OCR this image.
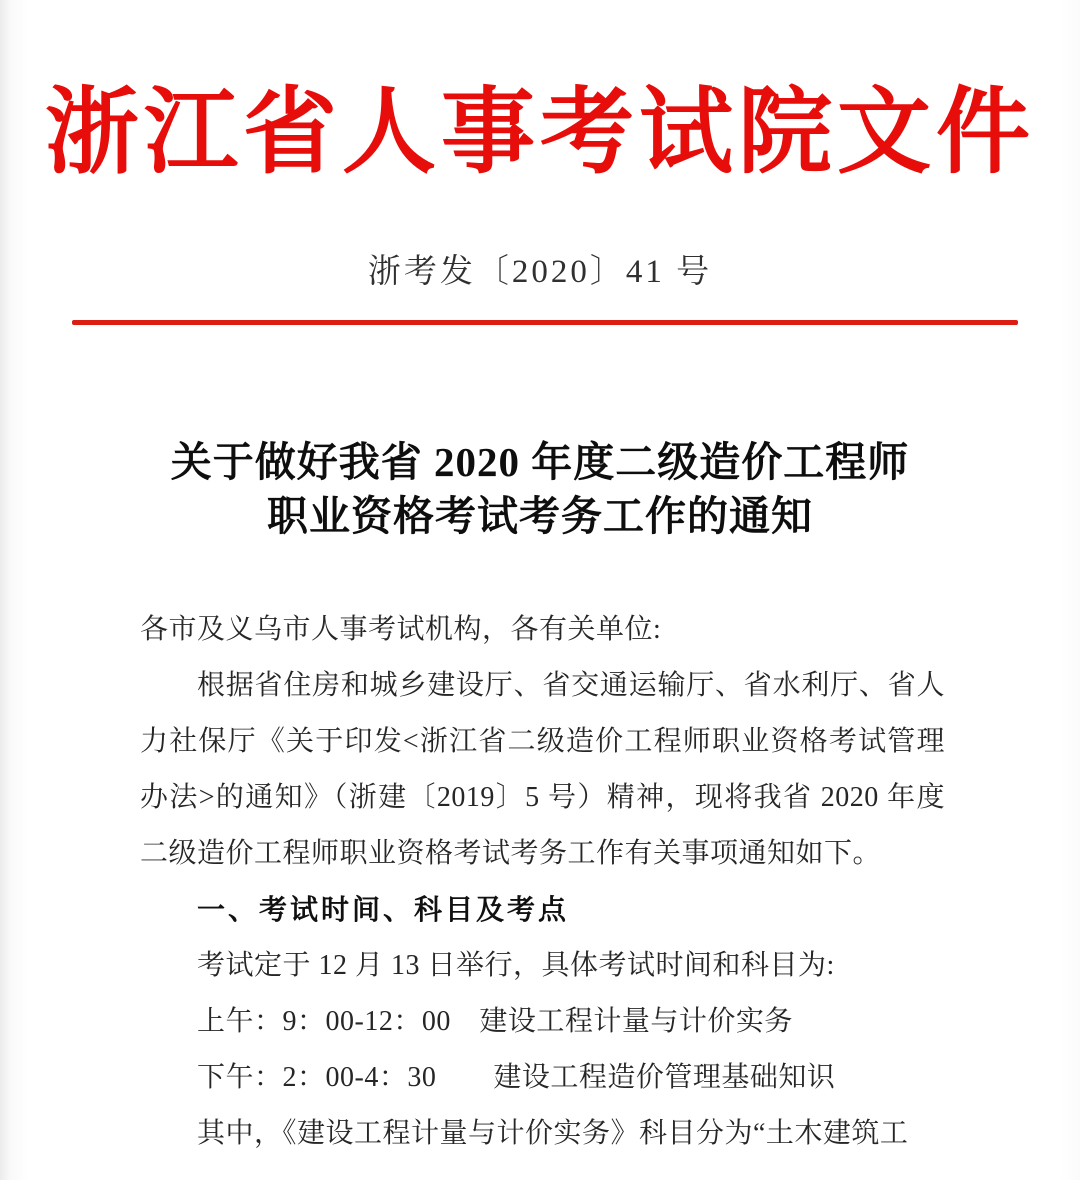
浙江省人事考试院文件
浙考发〔2020〕41 号
关于做好我省 2020 年度二级造价工程师
职业资格考试考务工作的通知
各市及义乌市人事考试机构，各有关单位:
根据省住房和城乡建设厅、省交通运输厅、省水利厅、省人
力社保厅《关于印发<浙江省二级造价工程师职业资格考试管理
办法>的通知》（浙建〔2019〕5 号）精神，现将我省 2020 年度
二级造价工程师职业资格考试考务工作有关事项通知如下。
一、考试时间、科目及考点
考试定于 12 月 13 日举行，具体考试时间和科目为:
上午：9：00-12：00　建设工程计量与计价实务
下午：2：00-4：30　　建设工程造价管理基础知识
其中，《建设工程计量与计价实务》科目分为“土木建筑工
